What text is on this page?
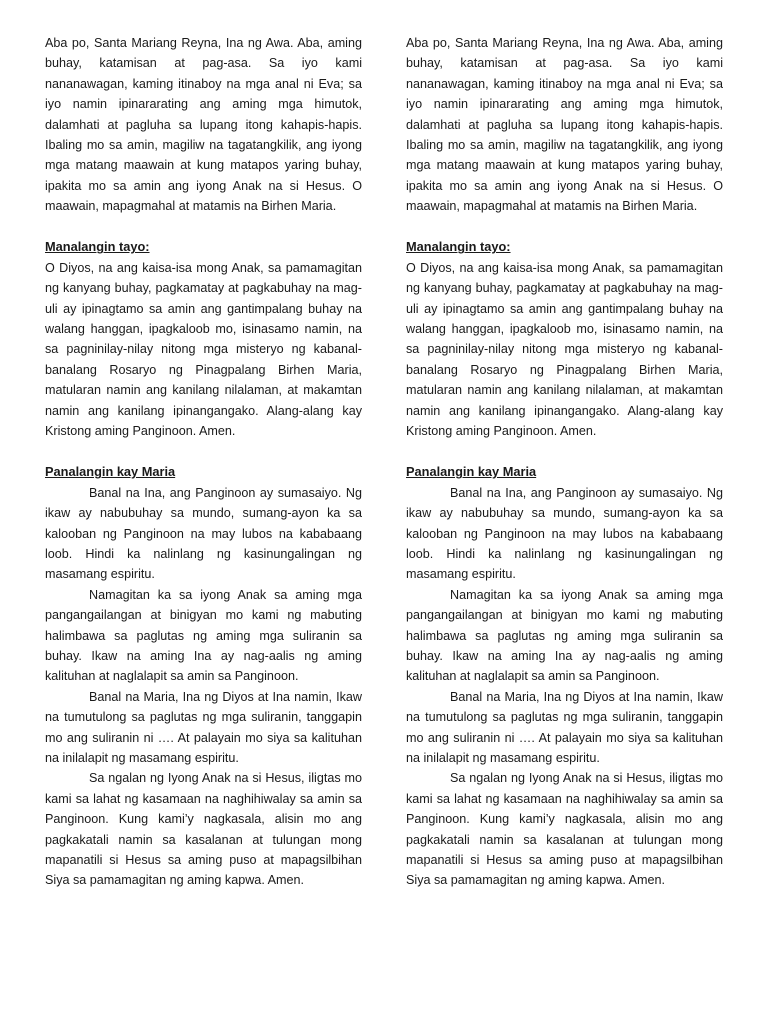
Aba po, Santa Mariang Reyna, Ina ng Awa. Aba, aming buhay, katamisan at pag-asa. Sa iyo kami nananawagan, kaming itinaboy na mga anal ni Eva; sa iyo namin ipinararating ang aming mga himutok, dalamhati at pagluha sa lupang itong kahapis-hapis. Ibaling mo sa amin, magiliw na tagatangkilik, ang iyong mga matang maawain at kung matapos yaring buhay, ipakita mo sa amin ang iyong Anak na si Hesus. O maawain, mapagmahal at matamis na Birhen Maria.

Manalangin tayo:

O Diyos, na ang kaisa-isa mong Anak, sa pamamagitan ng kanyang buhay, pagkamatay at pagkabuhay na mag-uli ay ipinagtamo sa amin ang gantimpalang buhay na walang hanggan, ipagkaloob mo, isinasamo namin, na sa pagninilay-nilay nitong mga misteryo ng kabanal-banalang Rosaryo ng Pinagpalang Birhen Maria, matularan namin ang kanilang nilalaman, at makamtan namin ang kanilang ipinangangako. Alang-alang kay Kristong aming Panginoon. Amen.

Panalangin kay Maria

Banal na Ina, ang Panginoon ay sumasaiyo. Ng ikaw ay nabubuhay sa mundo, sumang-ayon ka sa kalooban ng Panginoon na may lubos na kababaang loob. Hindi ka nalinlang ng kasinungalingan ng masamang espiritu.

Namagitan ka sa iyong Anak sa aming mga pangangailangan at binigyan mo kami ng mabuting halimbawa sa paglutas ng aming mga suliranin sa buhay. Ikaw na aming Ina ay nag-aalis ng aming kalituhan at naglalapit sa amin sa Panginoon.

Banal na Maria, Ina ng Diyos at Ina namin, Ikaw na tumutulong sa paglutas ng mga suliranin, tanggapin mo ang suliranin ni …. At palayain mo siya sa kalituhan na inilalapit ng masamang espiritu.

Sa ngalan ng Iyong Anak na si Hesus, iligtas mo kami sa lahat ng kasamaan na naghihiwalay sa amin sa Panginoon. Kung kami’y nagkasala, alisin mo ang pagkakatali namin sa kasalanan at tulungan mong mapanatili si Hesus sa aming puso at mapagsilbihan Siya sa pamamagitan ng aming kapwa. Amen.

Aba po, Santa Mariang Reyna, Ina ng Awa. Aba, aming buhay, katamisan at pag-asa. Sa iyo kami nananawagan, kaming itinaboy na mga anal ni Eva; sa iyo namin ipinararating ang aming mga himutok, dalamhati at pagluha sa lupang itong kahapis-hapis. Ibaling mo sa amin, magiliw na tagatangkilik, ang iyong mga matang maawain at kung matapos yaring buhay, ipakita mo sa amin ang iyong Anak na si Hesus. O maawain, mapagmahal at matamis na Birhen Maria.

Manalangin tayo:

O Diyos, na ang kaisa-isa mong Anak, sa pamamagitan ng kanyang buhay, pagkamatay at pagkabuhay na mag-uli ay ipinagtamo sa amin ang gantimpalang buhay na walang hanggan, ipagkaloob mo, isinasamo namin, na sa pagninilay-nilay nitong mga misteryo ng kabanal-banalang Rosaryo ng Pinagpalang Birhen Maria, matularan namin ang kanilang nilalaman, at makamtan namin ang kanilang ipinangangako. Alang-alang kay Kristong aming Panginoon. Amen.

Panalangin kay Maria

Banal na Ina, ang Panginoon ay sumasaiyo. Ng ikaw ay nabubuhay sa mundo, sumang-ayon ka sa kalooban ng Panginoon na may lubos na kababaang loob. Hindi ka nalinlang ng kasinungalingan ng masamang espiritu.

Namagitan ka sa iyong Anak sa aming mga pangangailangan at binigyan mo kami ng mabuting halimbawa sa paglutas ng aming mga suliranin sa buhay. Ikaw na aming Ina ay nag-aalis ng aming kalituhan at naglalapit sa amin sa Panginoon.

Banal na Maria, Ina ng Diyos at Ina namin, Ikaw na tumutulong sa paglutas ng mga suliranin, tanggapin mo ang suliranin ni …. At palayain mo siya sa kalituhan na inilalapit ng masamang espiritu.

Sa ngalan ng Iyong Anak na si Hesus, iligtas mo kami sa lahat ng kasamaan na naghihiwalay sa amin sa Panginoon. Kung kami’y nagkasala, alisin mo ang pagkakatali namin sa kasalanan at tulungan mong mapanatili si Hesus sa aming puso at mapagsilbihan Siya sa pamamagitan ng aming kapwa. Amen.
